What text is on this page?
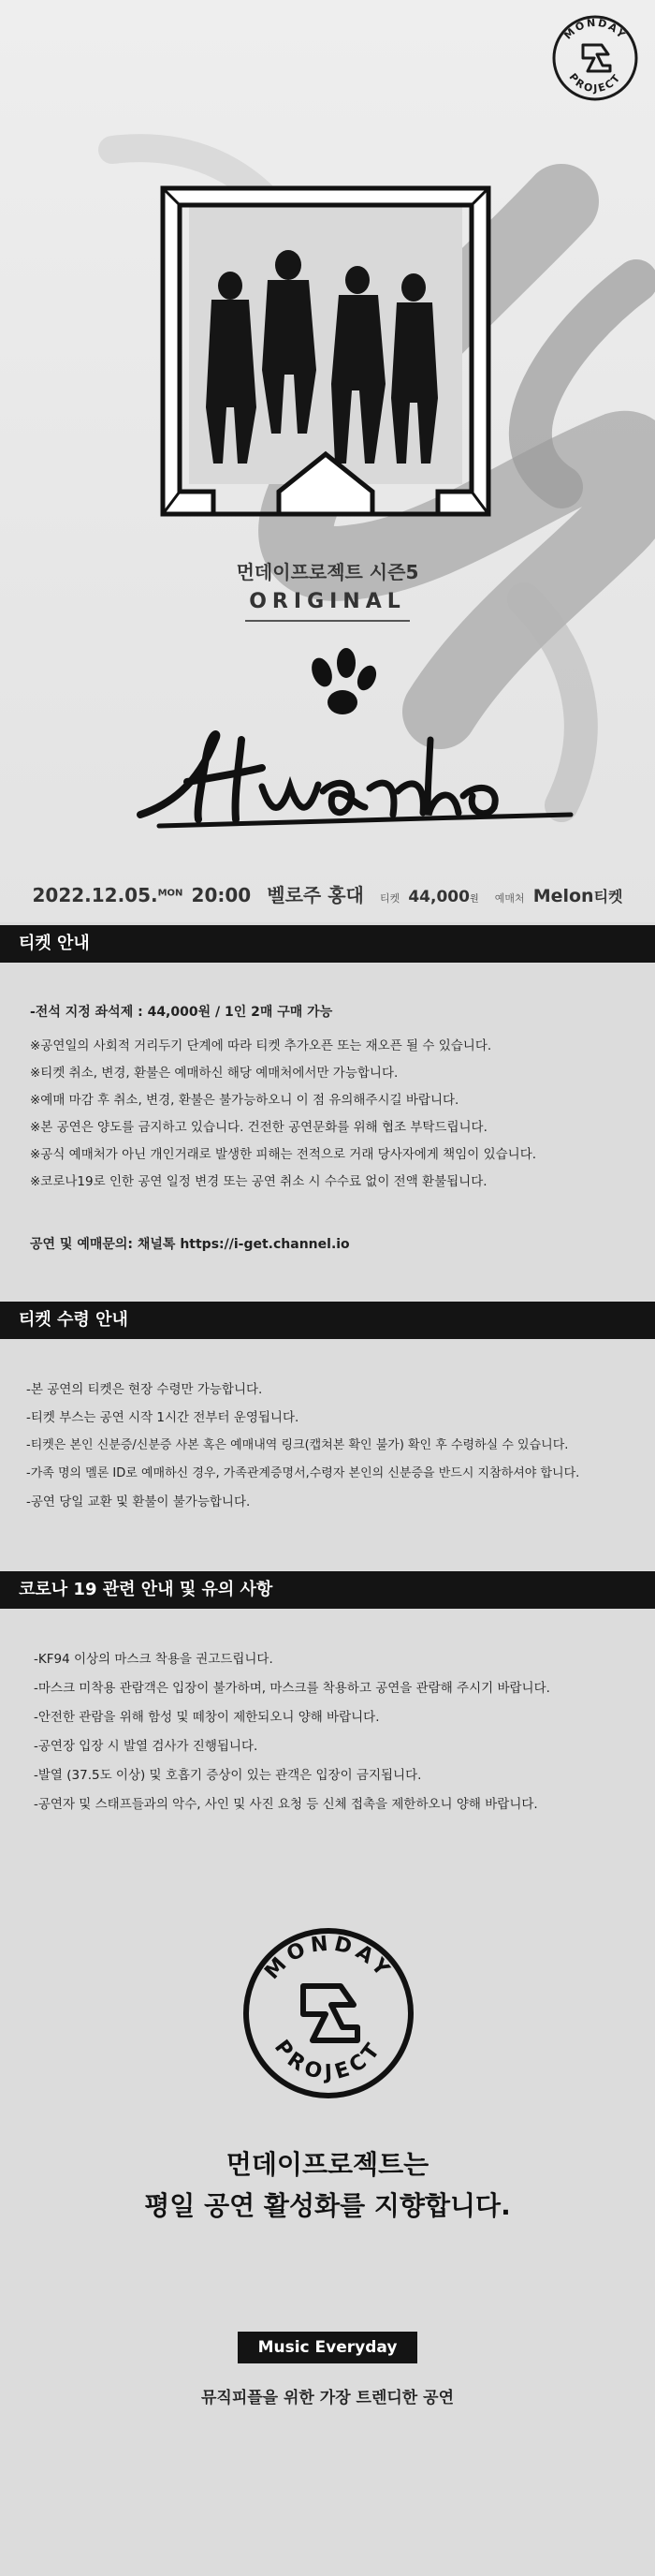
MONDAY
PROJECT
먼데이프로젝트 시즌5
ORIGINAL
2022.12.05.$^{MON}$ 20:00 벨로주 홍대 티켓 44,000원 예매처 Melon티켓
티켓 안내
-전석 지정 좌석제 : 44,000원 / 1인 2매 구매 가능
※공연일의 사회적 거리두기 단계에 따라 티켓 추가오픈 또는 재오픈 될 수 있습니다.
※티켓 취소, 변경, 환불은 예매하신 해당 예매처에서만 가능합니다.
※예매 마감 후 취소, 변경, 환불은 불가능하오니 이 점 유의해주시길 바랍니다.
※본 공연은 양도를 금지하고 있습니다. 건전한 공연문화를 위해 협조 부탁드립니다.
※공식 예매처가 아닌 개인거래로 발생한 피해는 전적으로 거래 당사자에게 책임이 있습니다.
※코로나19로 인한 공연 일정 변경 또는 공연 취소 시 수수료 없이 전액 환불됩니다.
공연 및 예매문의: 채널톡 https://i-get.channel.io
티켓 수령 안내
-본 공연의 티켓은 현장 수령만 가능합니다.
-티켓 부스는 공연 시작 1시간 전부터 운영됩니다.
-티켓은 본인 신분증/신분증 사본 혹은 예매내역 링크(캡쳐본 확인 불가) 확인 후 수령하실 수 있습니다.
-가족 명의 멜론 ID로 예매하신 경우, 가족관계증명서,수령자 본인의 신분증을 반드시 지참하셔야 합니다.
-공연 당일 교환 및 환불이 불가능합니다.
코로나 19 관련 안내 및 유의 사항
-KF94 이상의 마스크 착용을 권고드립니다.
-마스크 미착용 관람객은 입장이 불가하며, 마스크를 착용하고 공연을 관람해 주시기 바랍니다.
-안전한 관람을 위해 함성 및 떼창이 제한되오니 양해 바랍니다.
-공연장 입장 시 발열 검사가 진행됩니다.
-발열 (37.5도 이상) 및 호흡기 증상이 있는 관객은 입장이 금지됩니다.
-공연자 및 스태프들과의 악수, 사인 및 사진 요청 등 신체 접촉을 제한하오니 양해 바랍니다.
MONDAY
PROJECT
먼데이프로젝트는
평일 공연 활성화를 지향합니다.
Music Everyday
뮤직피플을 위한 가장 트렌디한 공연
